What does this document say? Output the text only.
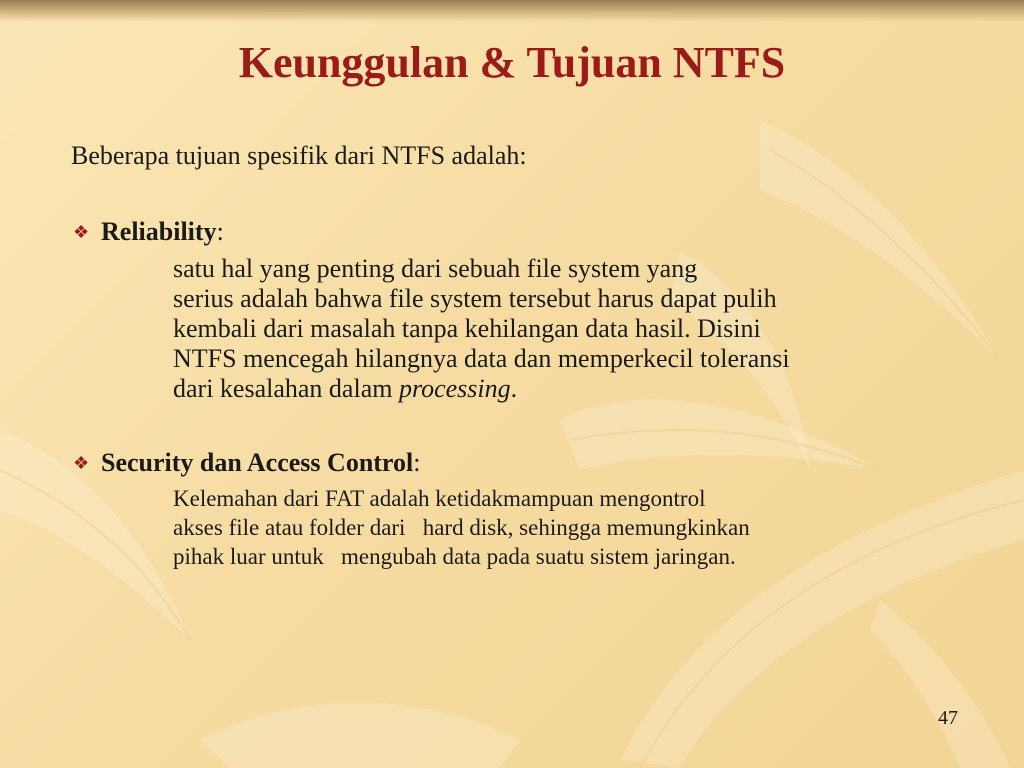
Keunggulan & Tujuan NTFS
Beberapa tujuan spesifik dari NTFS adalah:
❖ Reliability:
satu hal yang penting dari sebuah file system yang
serius adalah bahwa file system tersebut harus dapat pulih
kembali dari masalah tanpa kehilangan data hasil. Disini
NTFS mencegah hilangnya data dan memperkecil toleransi
dari kesalahan dalam processing.
❖ Security dan Access Control:
Kelemahan dari FAT adalah ketidakmampuan mengontrol
akses file atau folder dari   hard disk, sehingga memungkinkan
pihak luar untuk   mengubah data pada suatu sistem jaringan.
47
